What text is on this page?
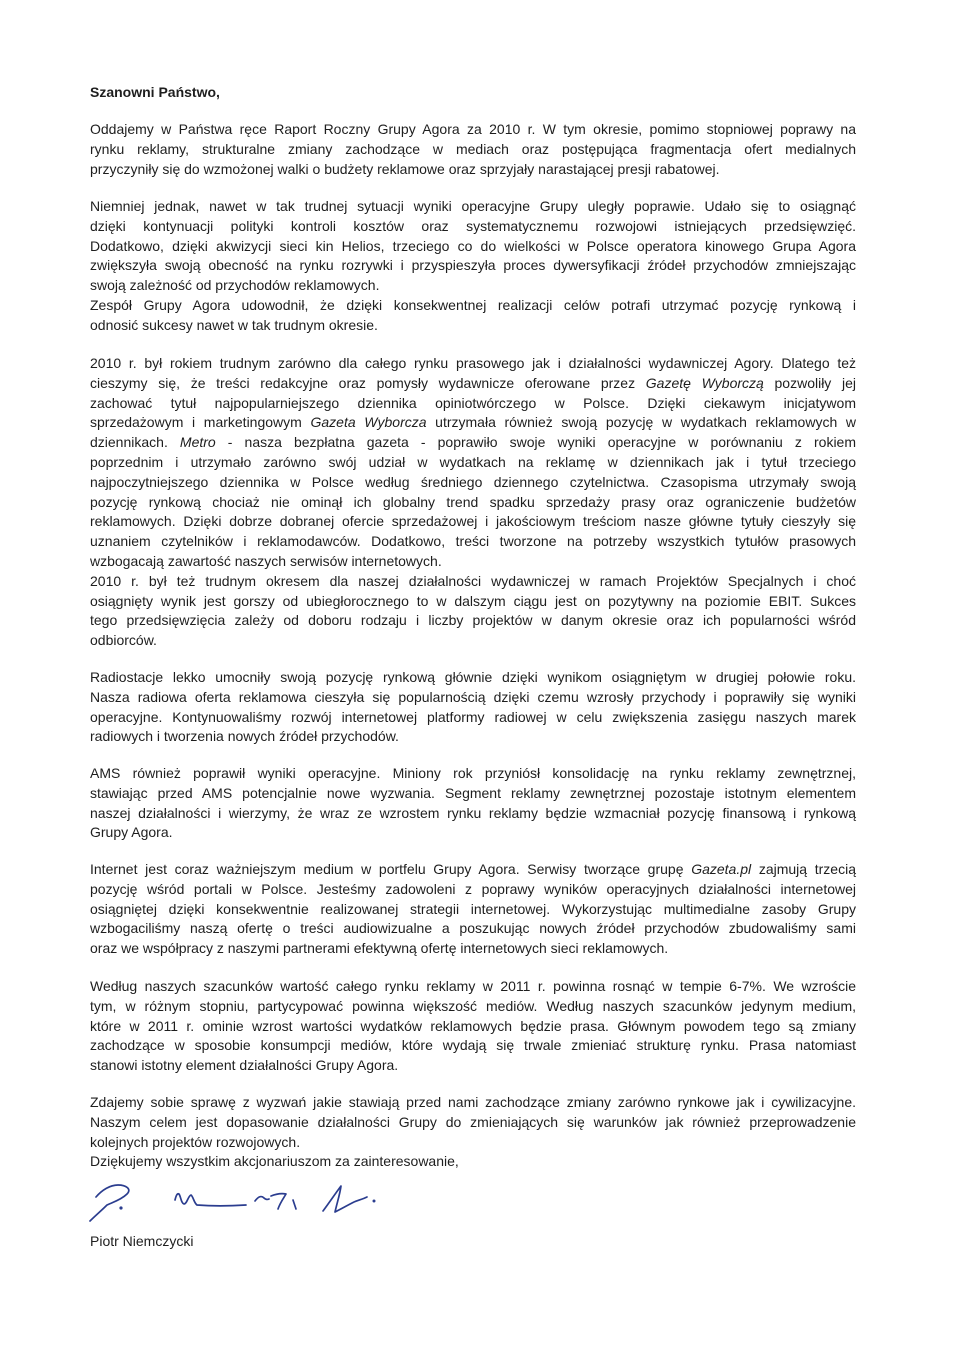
Szanowni Państwo,
Oddajemy w Państwa ręce Raport Roczny Grupy Agora za 2010 r. W tym okresie, pomimo stopniowej poprawy na
rynku reklamy, strukturalne zmiany zachodzące w mediach oraz postępująca fragmentacja ofert medialnych
przyczyniły się do wzmożonej walki o budżety reklamowe oraz sprzyjały narastającej presji rabatowej.
Niemniej jednak, nawet w tak trudnej sytuacji wyniki operacyjne Grupy uległy poprawie. Udało się to osiągnąć
dzięki kontynuacji polityki kontroli kosztów oraz systematycznemu rozwojowi istniejących przedsięwzięć.
Dodatkowo, dzięki akwizycji sieci kin Helios, trzeciego co do wielkości w Polsce operatora kinowego Grupa Agora
zwiększyła swoją obecność na rynku rozrywki i przyspieszyła proces dywersyfikacji źródeł przychodów zmniejszając
swoją zależność od przychodów reklamowych.
Zespół Grupy Agora udowodnił, że dzięki konsekwentnej realizacji celów potrafi utrzymać pozycję rynkową i
odnosić sukcesy nawet w tak trudnym okresie.
2010 r. był rokiem trudnym zarówno dla całego rynku prasowego jak i działalności wydawniczej Agory. Dlatego też
cieszymy się, że treści redakcyjne oraz pomysły wydawnicze oferowane przez Gazetę Wyborczą pozwoliły jej
zachować tytuł najpopularniejszego dziennika opiniotwórczego w Polsce. Dzięki ciekawym inicjatywom
sprzedażowym i marketingowym Gazeta Wyborcza utrzymała również swoją pozycję w wydatkach reklamowych w
dziennikach. Metro - nasza bezpłatna gazeta - poprawiło swoje wyniki operacyjne w porównaniu z rokiem
poprzednim i utrzymało zarówno swój udział w wydatkach na reklamę w dziennikach jak i tytuł trzeciego
najpoczytniejszego dziennika w Polsce według średniego dziennego czytelnictwa. Czasopisma utrzymały swoją
pozycję rynkową chociaż nie ominął ich globalny trend spadku sprzedaży prasy oraz ograniczenie budżetów
reklamowych. Dzięki dobrze dobranej ofercie sprzedażowej i jakościowym treściom nasze główne tytuły cieszyły się
uznaniem czytelników i reklamodawców. Dodatkowo, treści tworzone na potrzeby wszystkich tytułów prasowych
wzbogacają zawartość naszych serwisów internetowych.
2010 r. był też trudnym okresem dla naszej działalności wydawniczej w ramach Projektów Specjalnych i choć
osiągnięty wynik jest gorszy od ubiegłorocznego to w dalszym ciągu jest on pozytywny na poziomie EBIT. Sukces
tego przedsięwzięcia zależy od doboru rodzaju i liczby projektów w danym okresie oraz ich popularności wśród
odbiorców.
Radiostacje lekko umocniły swoją pozycję rynkową głównie dzięki wynikom osiągniętym w drugiej połowie roku.
Nasza radiowa oferta reklamowa cieszyła się popularnością dzięki czemu wzrosły przychody i poprawiły się wyniki
operacyjne. Kontynuowaliśmy rozwój internetowej platformy radiowej w celu zwiększenia zasięgu naszych marek
radiowych i tworzenia nowych źródeł przychodów.
AMS również poprawił wyniki operacyjne. Miniony rok przyniósł konsolidację na rynku reklamy zewnętrznej,
stawiając przed AMS potencjalnie nowe wyzwania. Segment reklamy zewnętrznej pozostaje istotnym elementem
naszej działalności i wierzymy, że wraz ze wzrostem rynku reklamy będzie wzmacniał pozycję finansową i rynkową
Grupy Agora.
Internet jest coraz ważniejszym medium w portfelu Grupy Agora. Serwisy tworzące grupę Gazeta.pl zajmują trzecią
pozycję wśród portali w Polsce. Jesteśmy zadowoleni z poprawy wyników operacyjnych działalności internetowej
osiągniętej dzięki konsekwentnie realizowanej strategii internetowej. Wykorzystując multimedialne zasoby Grupy
wzbogaciliśmy naszą ofertę o treści audiowizualne a poszukując nowych źródeł przychodów zbudowaliśmy sami
oraz we współpracy z naszymi partnerami efektywną ofertę internetowych sieci reklamowych.
Według naszych szacunków wartość całego rynku reklamy w 2011 r. powinna rosnąć w tempie 6-7%. We wzroście
tym, w różnym stopniu, partycypować powinna większość mediów. Według naszych szacunków jedynym medium,
które w 2011 r. ominie wzrost wartości wydatków reklamowych będzie prasa. Głównym powodem tego są zmiany
zachodzące w sposobie konsumpcji mediów, które wydają się trwale zmieniać strukturę rynku. Prasa natomiast
stanowi istotny element działalności Grupy Agora.
Zdajemy sobie sprawę z wyzwań jakie stawiają przed nami zachodzące zmiany zarówno rynkowe jak i cywilizacyjne.
Naszym celem jest dopasowanie działalności Grupy do zmieniających się warunków jak również przeprowadzenie
kolejnych projektów rozwojowych.
Dziękujemy wszystkim akcjonariuszom za zainteresowanie,
Piotr Niemczycki
